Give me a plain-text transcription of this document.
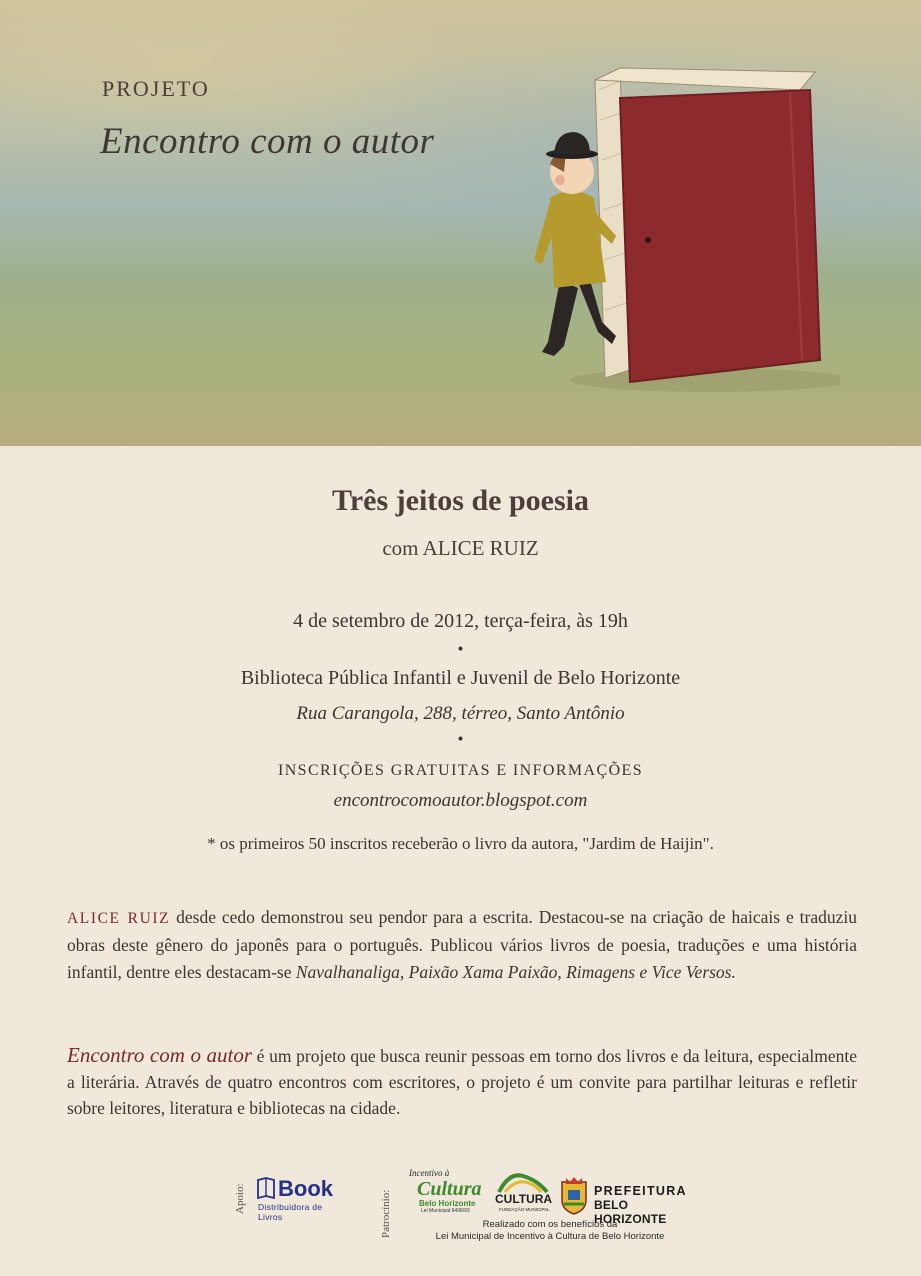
PROJETO
Encontro com o autor
Três jeitos de poesia
com ALICE RUIZ
4 de setembro de 2012, terça-feira, às 19h
•
Biblioteca Pública Infantil e Juvenil de Belo Horizonte
Rua Carangola, 288, térreo, Santo Antônio
•
INSCRIÇÕES GRATUITAS E INFORMAÇÕES
encontrocomoautor.blogspot.com
* os primeiros 50 inscritos receberão o livro da autora, "Jardim de Haijin".

ALICE RUIZ desde cedo demonstrou seu pendor para a escrita. Destacou-se na criação de haicais e traduziu obras deste gênero do japonês para o português. Publicou vários livros de poesia, traduções e uma história infantil, dentre eles destacam-se Navalhanaliga, Paixão Xama Paixão, Rimagens e Vice Versos.

Encontro com o autor é um projeto que busca reunir pessoas em torno dos livros e da leitura, especialmente a literária. Através de quatro encontros com escritores, o projeto é um convite para partilhar leituras e refletir sobre leitores, literatura e bibliotecas na cidade.

Apoio: Book
Distribuidora de Livros	Patrocínio:
Incentivo à
Cultura
Belo Horizonte
Lei Municipal 6498/93
CULTURA
FUNDAÇÃO MUNICIPAL
PREFEITURA
BELO HORIZONTE
Realizado com os benefícios da
Lei Municipal de Incentivo à Cultura de Belo Horizonte
